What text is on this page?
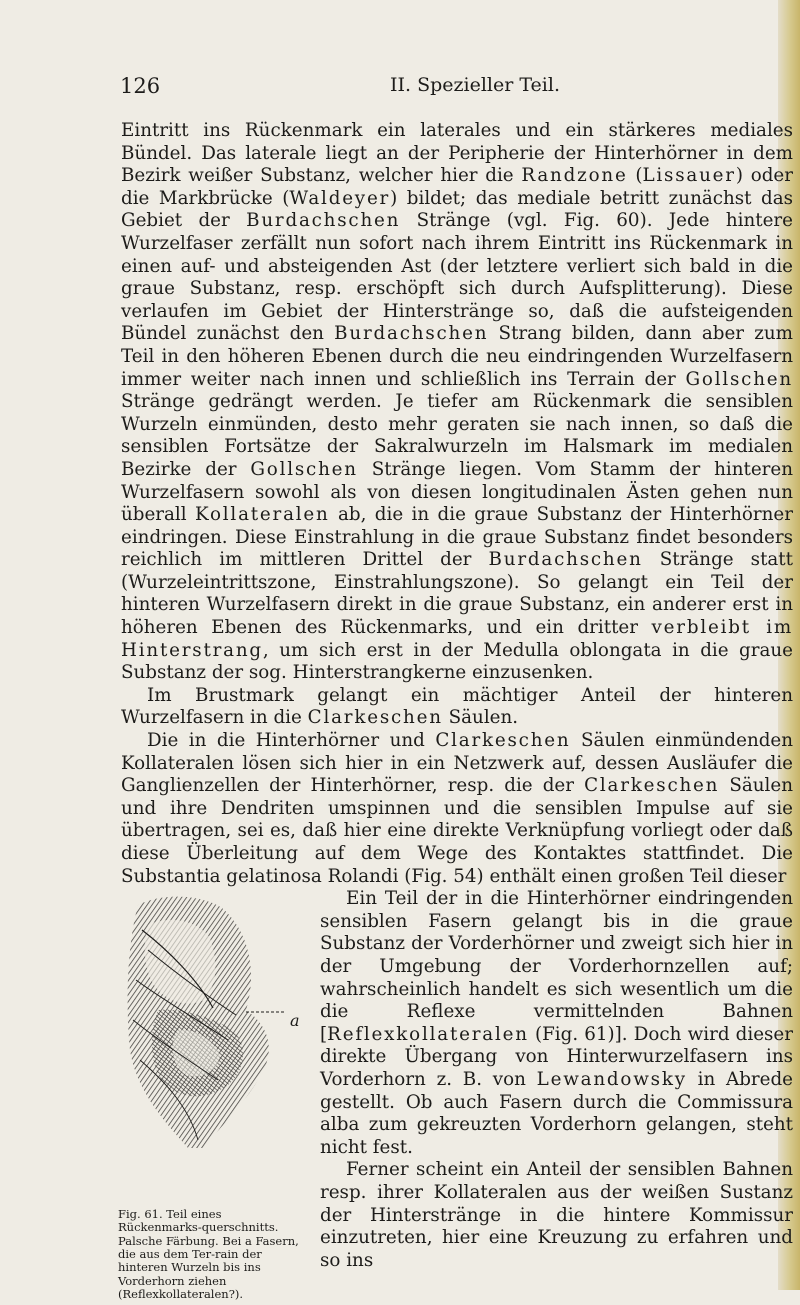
126	II. Spezieller Teil.

Eintritt ins Rückenmark ein laterales und ein stärkeres mediales Bündel. Das laterale liegt an der Peripherie der Hinterhörner in dem Bezirk weißer Substanz, welcher hier die Randzone (Lissauer) oder die Markbrücke (Waldeyer) bildet; das mediale betritt zunächst das Gebiet der Burdachschen Stränge (vgl. Fig. 60). Jede hintere Wurzelfaser zerfällt nun sofort nach ihrem Eintritt ins Rückenmark in einen auf- und absteigenden Ast (der letztere verliert sich bald in die graue Substanz, resp. erschöpft sich durch Aufsplitterung). Diese verlaufen im Gebiet der Hinterstränge so, daß die aufsteigenden Bündel zunächst den Burdachschen Strang bilden, dann aber zum Teil in den höheren Ebenen durch die neu eindringenden Wurzelfasern immer weiter nach innen und schließlich ins Terrain der Gollschen Stränge gedrängt werden. Je tiefer am Rückenmark die sensiblen Wurzeln einmünden, desto mehr geraten sie nach innen, so daß die sensiblen Fortsätze der Sakralwurzeln im Halsmark im medialen Bezirke der Gollschen Stränge liegen. Vom Stamm der hinteren Wurzelfasern sowohl als von diesen longitudinalen Ästen gehen nun überall Kollateralen ab, die in die graue Substanz der Hinterhörner eindringen. Diese Einstrahlung in die graue Substanz findet besonders reichlich im mittleren Drittel der Burdachschen Stränge statt (Wurzeleintrittszone, Einstrahlungszone). So gelangt ein Teil der hinteren Wurzelfasern direkt in die graue Substanz, ein anderer erst in höheren Ebenen des Rückenmarks, und ein dritter verbleibt im Hinterstrang, um sich erst in der Medulla oblongata in die graue Substanz der sog. Hinterstrangkerne einzusenken.

Im Brustmark gelangt ein mächtiger Anteil der hinteren Wurzelfasern in die Clarkeschen Säulen.

Die in die Hinterhörner und Clarkeschen Säulen einmündenden Kollateralen lösen sich hier in ein Netzwerk auf, dessen Ausläufer die Ganglienzellen der Hinterhörner, resp. die der Clarkeschen Säulen und ihre Dendriten umspinnen und die sensiblen Impulse auf sie übertragen, sei es, daß hier eine direkte Verknüpfung vorliegt oder daß diese Überleitung auf dem Wege des Kontaktes stattfindet. Die Substantia gelatinosa Rolandi (Fig. 54) enthält einen großen Teil dieser

a
Fig. 61. Teil eines Rückenmarks-querschnitts. Palsche Färbung. Bei a Fasern, die aus dem Ter-rain der hinteren Wurzeln bis ins Vorderhorn ziehen (Reflexkollateralen?).

Ein Teil der in die Hinterhörner eindringenden sensiblen Fasern gelangt bis in die graue Substanz der Vorderhörner und zweigt sich hier in der Umgebung der Vorderhornzellen auf; wahrscheinlich handelt es sich wesentlich um die die Reflexe vermittelnden Bahnen [Reflexkollateralen (Fig. 61)]. Doch wird dieser direkte Übergang von Hinterwurzelfasern ins Vorderhorn z. B. von Lewandowsky in Abrede gestellt. Ob auch Fasern durch die Commissura alba zum gekreuzten Vorderhorn gelangen, steht nicht fest.

Ferner scheint ein Anteil der sensiblen Bahnen resp. ihrer Kollateralen aus der weißen Sustanz der Hinterstränge in die hintere Kommissur einzutreten, hier eine Kreuzung zu erfahren und so ins
